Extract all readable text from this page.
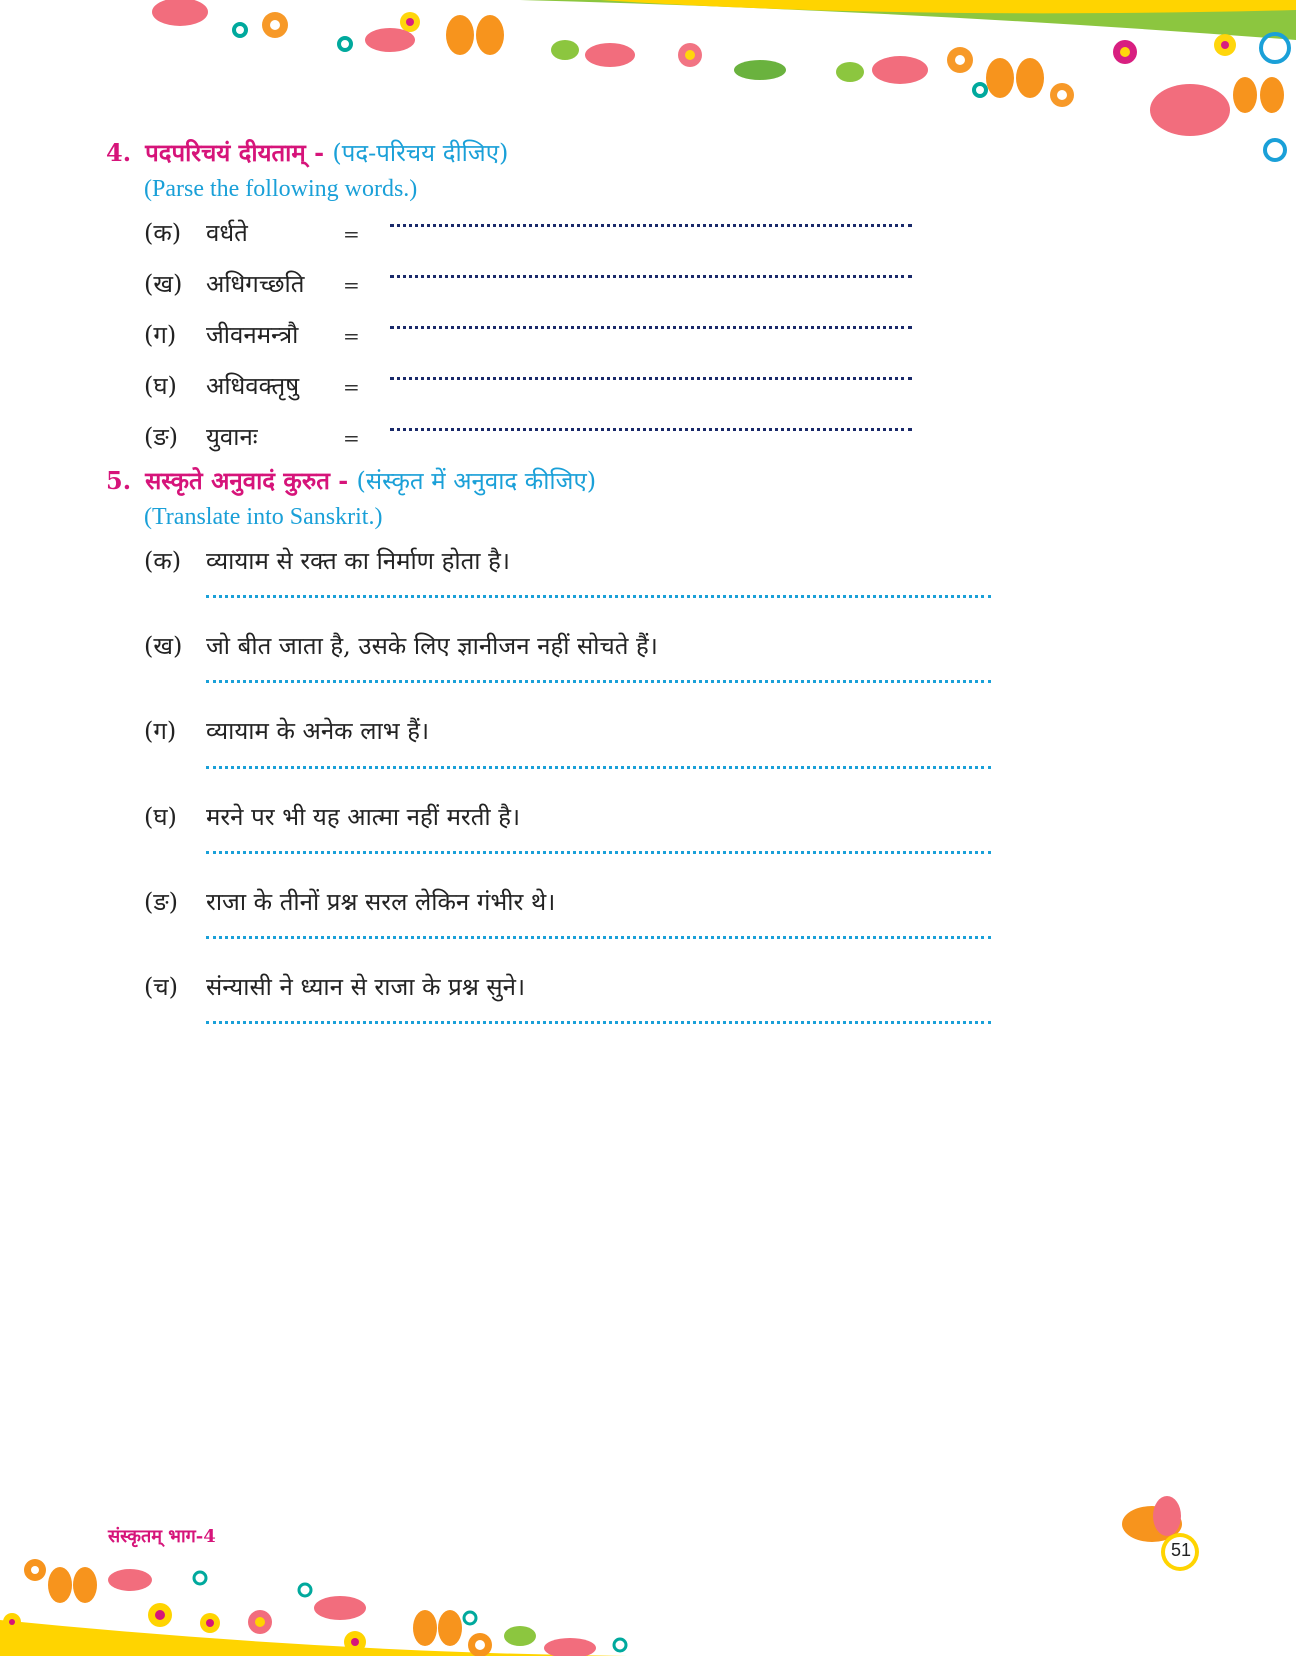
4. पदपरिचयं दीयताम् - (पद-परिचय दीजिए)
(Parse the following words.)
(क) वर्धते
(ख) अधिगच्छति
(ग) जीवनमन्त्रौ
(घ) अधिवक्तृषु
(ङ) युवानः
=
=
=
=
=
5. सस्कृते अनुवादं कुरुत - (संस्कृत में अनुवाद कीजिए)
(Translate into Sanskrit.)
(क) व्यायाम से रक्त का निर्माण होता है।
(ख) जो बीत जाता है, उसके लिए ज्ञानीजन नहीं सोचते हैं।
(ग) व्यायाम के अनेक लाभ हैं।
(घ) मरने पर भी यह आत्मा नहीं मरती है।
(ङ) राजा के तीनों प्रश्न सरल लेकिन गंभीर थे।
(च) संन्यासी ने ध्यान से राजा के प्रश्न सुने।
संस्कृतम् भाग-4
51
